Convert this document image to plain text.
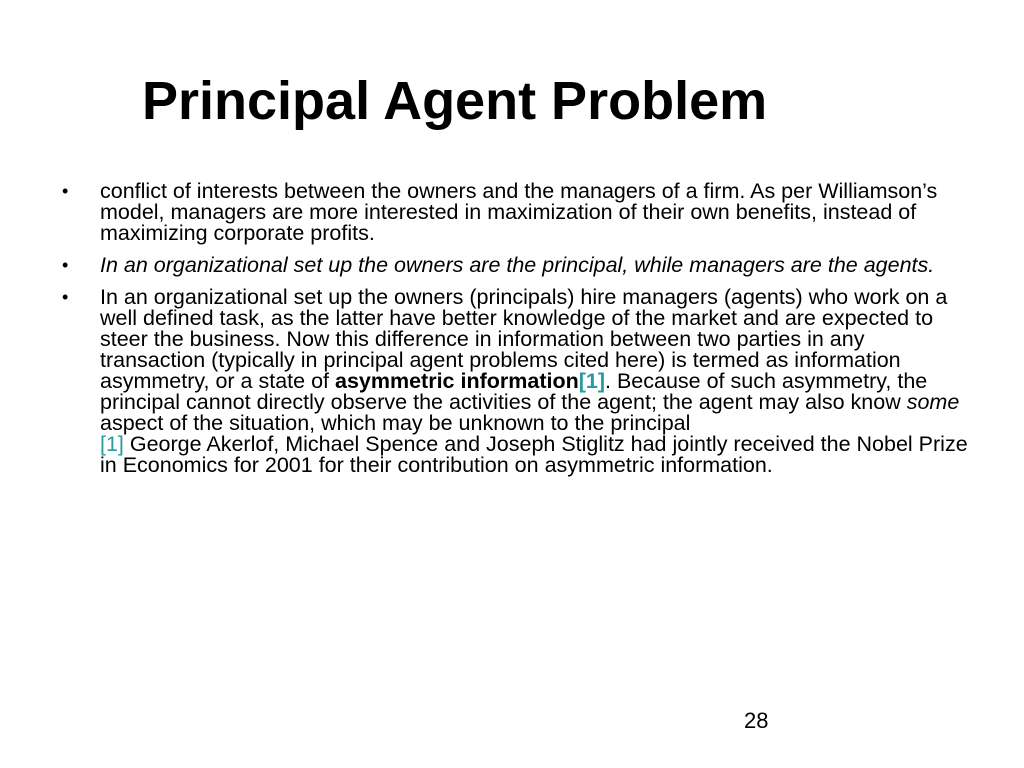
Principal Agent Problem
• conflict of interests between the owners and the managers of a firm. As per Williamson’s model, managers are more interested in maximization of their own benefits, instead of maximizing corporate profits.
• In an organizational set up the owners are the principal, while managers are the agents.
• In an organizational set up the owners (principals) hire managers (agents) who work on a well defined task, as the latter have better knowledge of the market and are expected to steer the business. Now this difference in information between two parties in any transaction (typically in principal agent problems cited here) is termed as information asymmetry, or a state of asymmetric information[1]. Because of such asymmetry, the principal cannot directly observe the activities of the agent; the agent may also know some aspect of the situation, which may be unknown to the principal
[1] George Akerlof, Michael Spence and Joseph Stiglitz had jointly received the Nobel Prize in Economics for 2001 for their contribution on asymmetric information.
28
